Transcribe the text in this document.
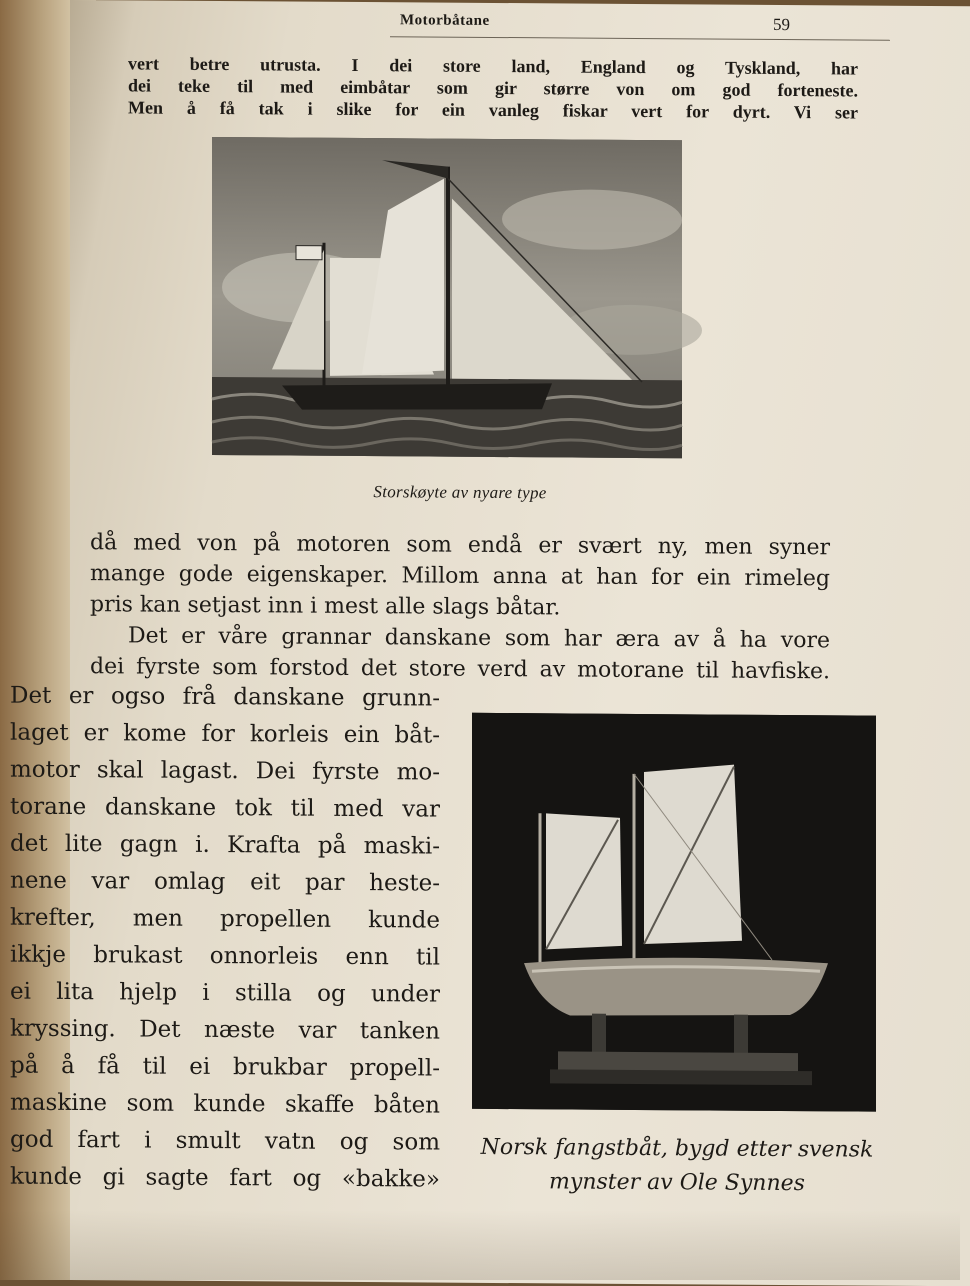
Motorbåtane	59
vert betre utrusta. I dei store land, England og Tyskland, har
dei teke til med eimbåtar som gir større von om god forteneste.
Men å få tak i slike for ein vanleg fiskar vert for dyrt. Vi ser
Storskøyte av nyare type
då med von på motoren som endå er svært ny, men syner
mange gode eigenskaper. Millom anna at han for ein rimeleg
pris kan setjast inn i mest alle slags båtar.
Det er våre grannar danskane som har æra av å ha vore
dei fyrste som forstod det store verd av motorane til havfiske.
Det er ogso frå danskane grunn-
laget er kome for korleis ein båt-
motor skal lagast. Dei fyrste mo-
torane danskane tok til med var
det lite gagn i. Krafta på maski-
nene var omlag eit par heste-
krefter, men propellen kunde
ikkje brukast onnorleis enn til
ei lita hjelp i stilla og under
kryssing. Det næste var tanken
på å få til ei brukbar propell-
maskine som kunde skaffe båten
god fart i smult vatn og som
kunde gi sagte fart og «bakke»
Norsk fangstbåt, bygd etter svensk
mynster av Ole Synnes
